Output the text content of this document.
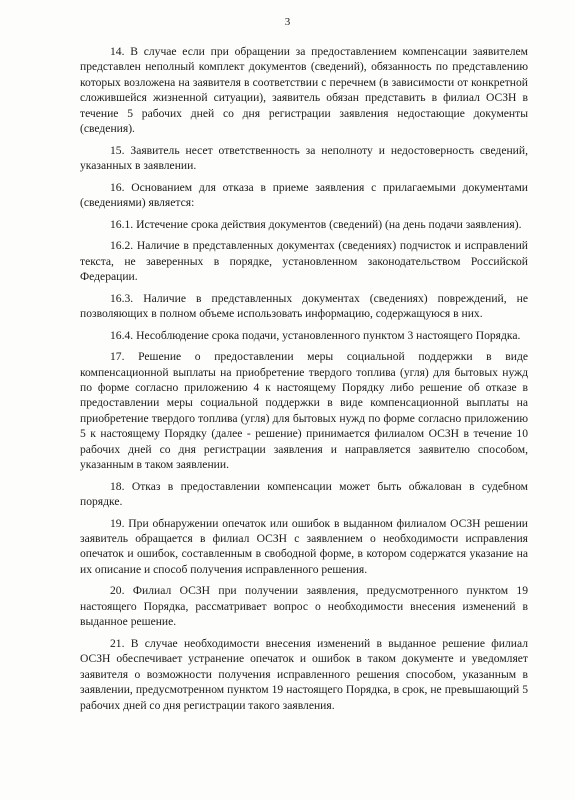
3

14. В случае если при обращении за предоставлением компенсации заявителем представлен неполный комплект документов (сведений), обязанность по представлению которых возложена на заявителя в соответствии с перечнем (в зависимости от конкретной сложившейся жизненной ситуации), заявитель обязан представить в филиал ОСЗН в течение 5 рабочих дней со дня регистрации заявления недостающие документы (сведения).

15. Заявитель несет ответственность за неполноту и недостоверность сведений, указанных в заявлении.

16. Основанием для отказа в приеме заявления с прилагаемыми документами (сведениями) является:

16.1. Истечение срока действия документов (сведений) (на день подачи заявления).

16.2. Наличие в представленных документах (сведениях) подчисток и исправлений текста, не заверенных в порядке, установленном законодательством Российской Федерации.

16.3. Наличие в представленных документах (сведениях) повреждений, не позволяющих в полном объеме использовать информацию, содержащуюся в них.

16.4. Несоблюдение срока подачи, установленного пунктом 3 настоящего Порядка.

17. Решение о предоставлении меры социальной поддержки в виде компенсационной выплаты на приобретение твердого топлива (угля) для бытовых нужд по форме согласно приложению 4 к настоящему Порядку либо решение об отказе в предоставлении меры социальной поддержки в виде компенсационной выплаты на приобретение твердого топлива (угля) для бытовых нужд по форме согласно приложению 5 к настоящему Порядку (далее - решение) принимается филиалом ОСЗН в течение 10 рабочих дней со дня регистрации заявления и направляется заявителю способом, указанным в таком заявлении.

18. Отказ в предоставлении компенсации может быть обжалован в судебном порядке.

19. При обнаружении опечаток или ошибок в выданном филиалом ОСЗН решении заявитель обращается в филиал ОСЗН с заявлением о необходимости исправления опечаток и ошибок, составленным в свободной форме, в котором содержатся указание на их описание и способ получения исправленного решения.

20. Филиал ОСЗН при получении заявления, предусмотренного пунктом 19 настоящего Порядка, рассматривает вопрос о необходимости внесения изменений в выданное решение.

21. В случае необходимости внесения изменений в выданное решение филиал ОСЗН обеспечивает устранение опечаток и ошибок в таком документе и уведомляет заявителя о возможности получения исправленного решения способом, указанным в заявлении, предусмотренном пунктом 19 настоящего Порядка, в срок, не превышающий 5 рабочих дней со дня регистрации такого заявления.
